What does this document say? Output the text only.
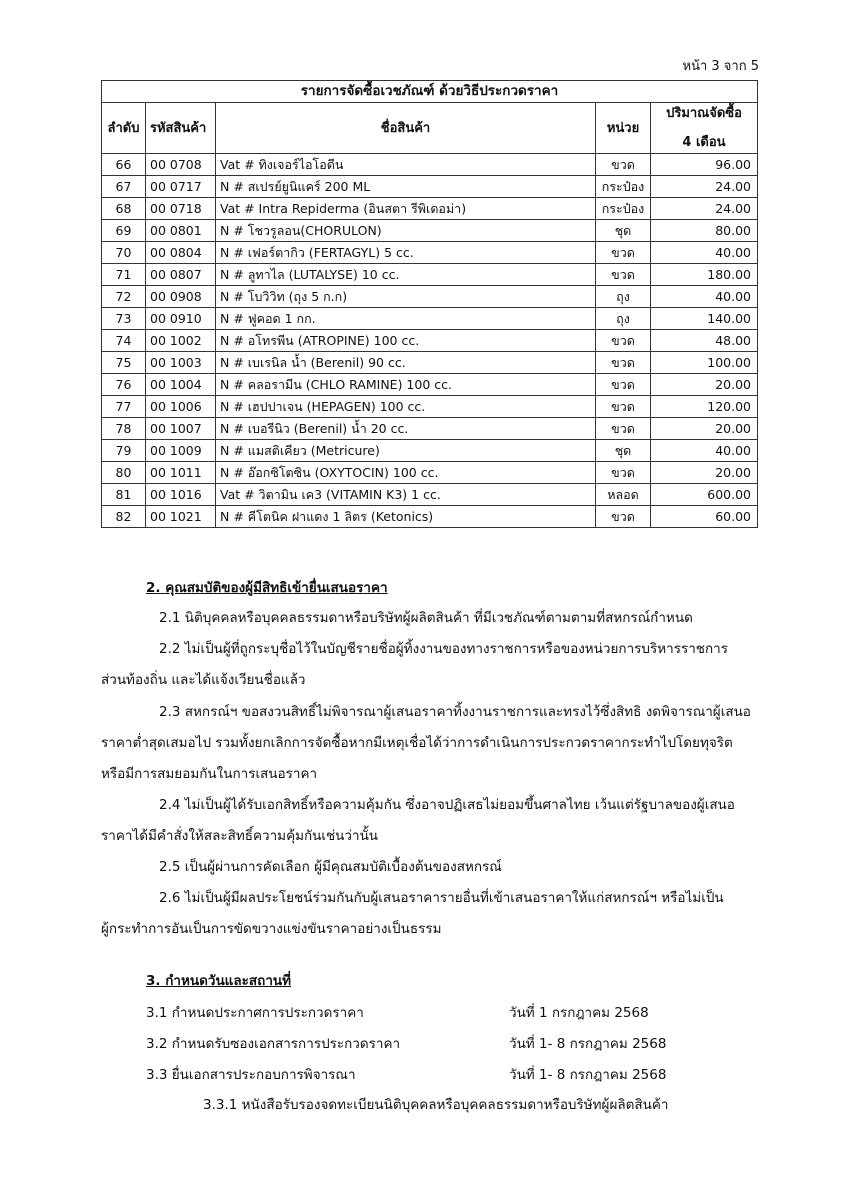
หน้า 3 จาก 5
รายการจัดซื้อเวชภัณฑ์ ด้วยวิธีประกวดราคา				
ลำดับ	รหัสสินค้า	ชื่อสินค้า	หน่วย	ปริมาณจัดซื้อ
4 เดือน

66	00 0708	Vat # ทิงเจอร์ไอโอดีน	ขวด	96.00
67	00 0717	N # สเปรย์ยูนิแคร์ 200 ML	กระป๋อง	24.00
68	00 0718	Vat # Intra Repiderma (อินสตา รีพิเดอม่า)	กระป๋อง	24.00
69	00 0801	N # โชวรูลอน(CHORULON)	ชุด	80.00
70	00 0804	N # เฟอร์ตากิว (FERTAGYL) 5 cc.	ขวด	40.00
71	00 0807	N # ลูทาไล (LUTALYSE) 10 cc.	ขวด	180.00
72	00 0908	N # โบวิวิท (ถุง 5 ก.ก)	ถุง	40.00
73	00 0910	N # ฟูคอด 1 กก.	ถุง	140.00
74	00 1002	N # อโทรพีน (ATROPINE) 100 cc.	ขวด	48.00
75	00 1003	N # เบเรนิล น้ำ (Berenil) 90 cc.	ขวด	100.00
76	00 1004	N # คลอรามีน (CHLO RAMINE) 100 cc.	ขวด	20.00
77	00 1006	N # เฮปปาเจน (HEPAGEN) 100 cc.	ขวด	120.00
78	00 1007	N # เบอรีนิว (Berenil) น้ำ 20 cc.	ขวด	20.00
79	00 1009	N # แมสติเคียว (Metricure)	ชุด	40.00
80	00 1011	N # อ๊อกซิโตซิน (OXYTOCIN) 100 cc.	ขวด	20.00
81	00 1016	Vat # วิตามิน เค3 (VITAMIN K3) 1 cc.	หลอด	600.00
82	00 1021	N # คีโตนิค ฝาแดง 1 ลิตร (Ketonics)	ขวด	60.00
2. คุณสมบัติของผู้มีสิทธิเข้ายื่นเสนอราคา
2.1 นิติบุคคลหรือบุคคลธรรมดาหรือบริษัทผู้ผลิตสินค้า ที่มีเวชภัณฑ์ตามตามที่สหกรณ์กำหนด
2.2 ไม่เป็นผู้ที่ถูกระบุชื่อไว้ในบัญชีรายชื่อผู้ทิ้งงานของทางราชการหรือของหน่วยการบริหารราชการ
ส่วนท้องถิ่น และได้แจ้งเวียนชื่อแล้ว
2.3 สหกรณ์ฯ ขอสงวนสิทธิ์ไม่พิจารณาผู้เสนอราคาทิ้งงานราชการและทรงไว้ซึ่งสิทธิ งดพิจารณาผู้เสนอ
ราคาต่ำสุดเสมอไป รวมทั้งยกเลิกการจัดซื้อหากมีเหตุเชื่อได้ว่าการดำเนินการประกวดราคากระทำไปโดยทุจริต
หรือมีการสมยอมกันในการเสนอราคา
2.4 ไม่เป็นผู้ได้รับเอกสิทธิ์หรือความคุ้มกัน ซึ่งอาจปฏิเสธไม่ยอมขึ้นศาลไทย เว้นแต่รัฐบาลของผู้เสนอ
ราคาได้มีคำสั่งให้สละสิทธิ์ความคุ้มกันเช่นว่านั้น
2.5 เป็นผู้ผ่านการคัดเลือก ผู้มีคุณสมบัติเบื้องต้นของสหกรณ์
2.6 ไม่เป็นผู้มีผลประโยชน์ร่วมกันกับผู้เสนอราคารายอื่นที่เข้าเสนอราคาให้แก่สหกรณ์ฯ หรือไม่เป็น
ผู้กระทำการอันเป็นการขัดขวางแข่งขันราคาอย่างเป็นธรรม
3. กำหนดวันและสถานที่
3.1 กำหนดประกาศการประกวดราคา	วันที่ 1 กรกฎาคม 2568
3.2 กำหนดรับซองเอกสารการประกวดราคา	วันที่ 1- 8 กรกฎาคม 2568
3.3 ยื่นเอกสารประกอบการพิจารณา	วันที่ 1- 8 กรกฎาคม 2568
3.3.1 หนังสือรับรองจดทะเบียนนิติบุคคลหรือบุคคลธรรมดาหรือบริษัทผู้ผลิตสินค้า
